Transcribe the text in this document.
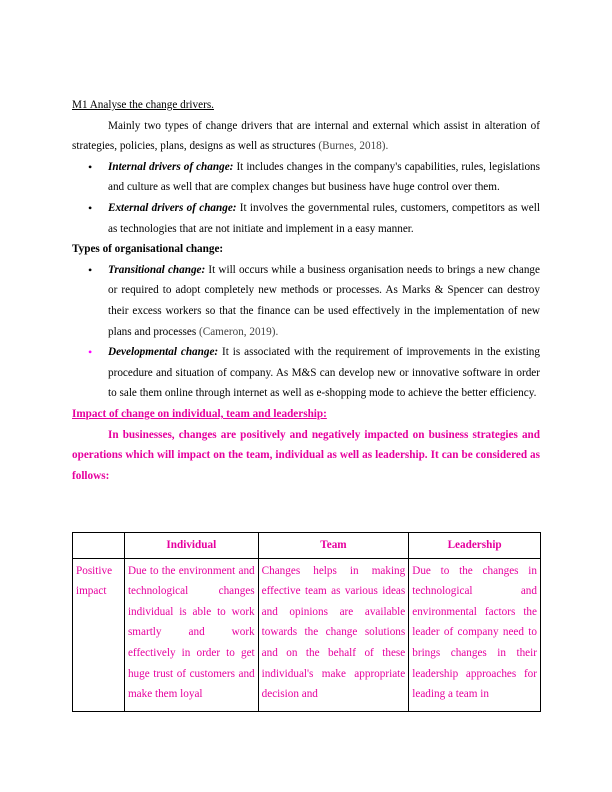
M1 Analyse the change drivers.

Mainly two types of change drivers that are internal and external which assist in alteration of strategies, policies, plans, designs as well as structures (Burnes, 2018).

• Internal drivers of change: It includes changes in the company's capabilities, rules, legislations and culture as well that are complex changes but business have huge control over them.
• External drivers of change: It involves the governmental rules, customers, competitors as well as technologies that are not initiate and implement in a easy manner.

Types of organisational change:

• Transitional change: It will occurs while a business organisation needs to brings a new change or required to adopt completely new methods or processes. As Marks & Spencer can destroy their excess workers so that the finance can be used effectively in the implementation of new plans and processes (Cameron, 2019).
• Developmental change: It is associated with the requirement of improvements in the existing procedure and situation of company. As M&S can develop new or innovative software in order to sale them online through internet as well as e-shopping mode to achieve the better efficiency.

Impact of change on individual, team and leadership:

In businesses, changes are positively and negatively impacted on business strategies and operations which will impact on the team, individual as well as leadership. It can be considered as follows:

	Individual	Team	Leadership

Positive impact	Due to the environment and technological changes individual is able to work smartly and work effectively in order to get huge trust of customers and make them loyal	Changes helps in making effective team as various ideas and opinions are available towards the change solutions and on the behalf of these individual's make appropriate decision and	Due to the changes in technological and environmental factors the leader of company need to brings changes in their leadership approaches for leading a team in
